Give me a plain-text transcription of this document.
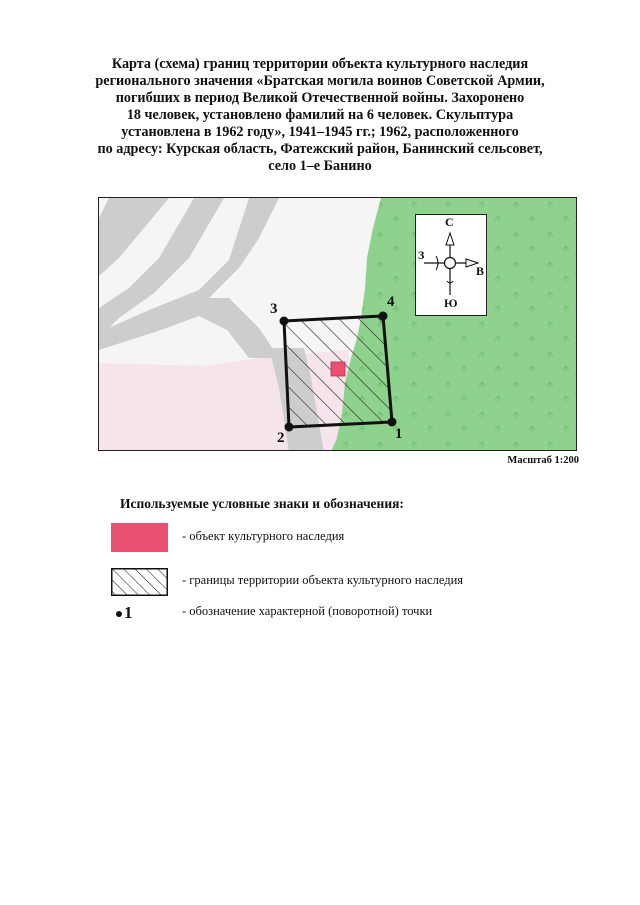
Карта (схема) границ территории объекта культурного наследия
регионального значения «Братская могила воинов Советской Армии,
погибших в период Великой Отечественной войны. Захоронено
18 человек, установлено фамилий на 6 человек. Скульптура
установлена в 1962 году», 1941–1945 гг.; 1962, расположенного
по адресу: Курская область, Фатежский район, Банинский сельсовет,
село 1–е Банино
1
2
3	4
С
З
В
Ю
Масштаб 1:200
Используемые условные знаки и обозначения:
- объект культурного наследия
- границы территории объекта культурного наследия
1	- обозначение характерной (поворотной) точки
